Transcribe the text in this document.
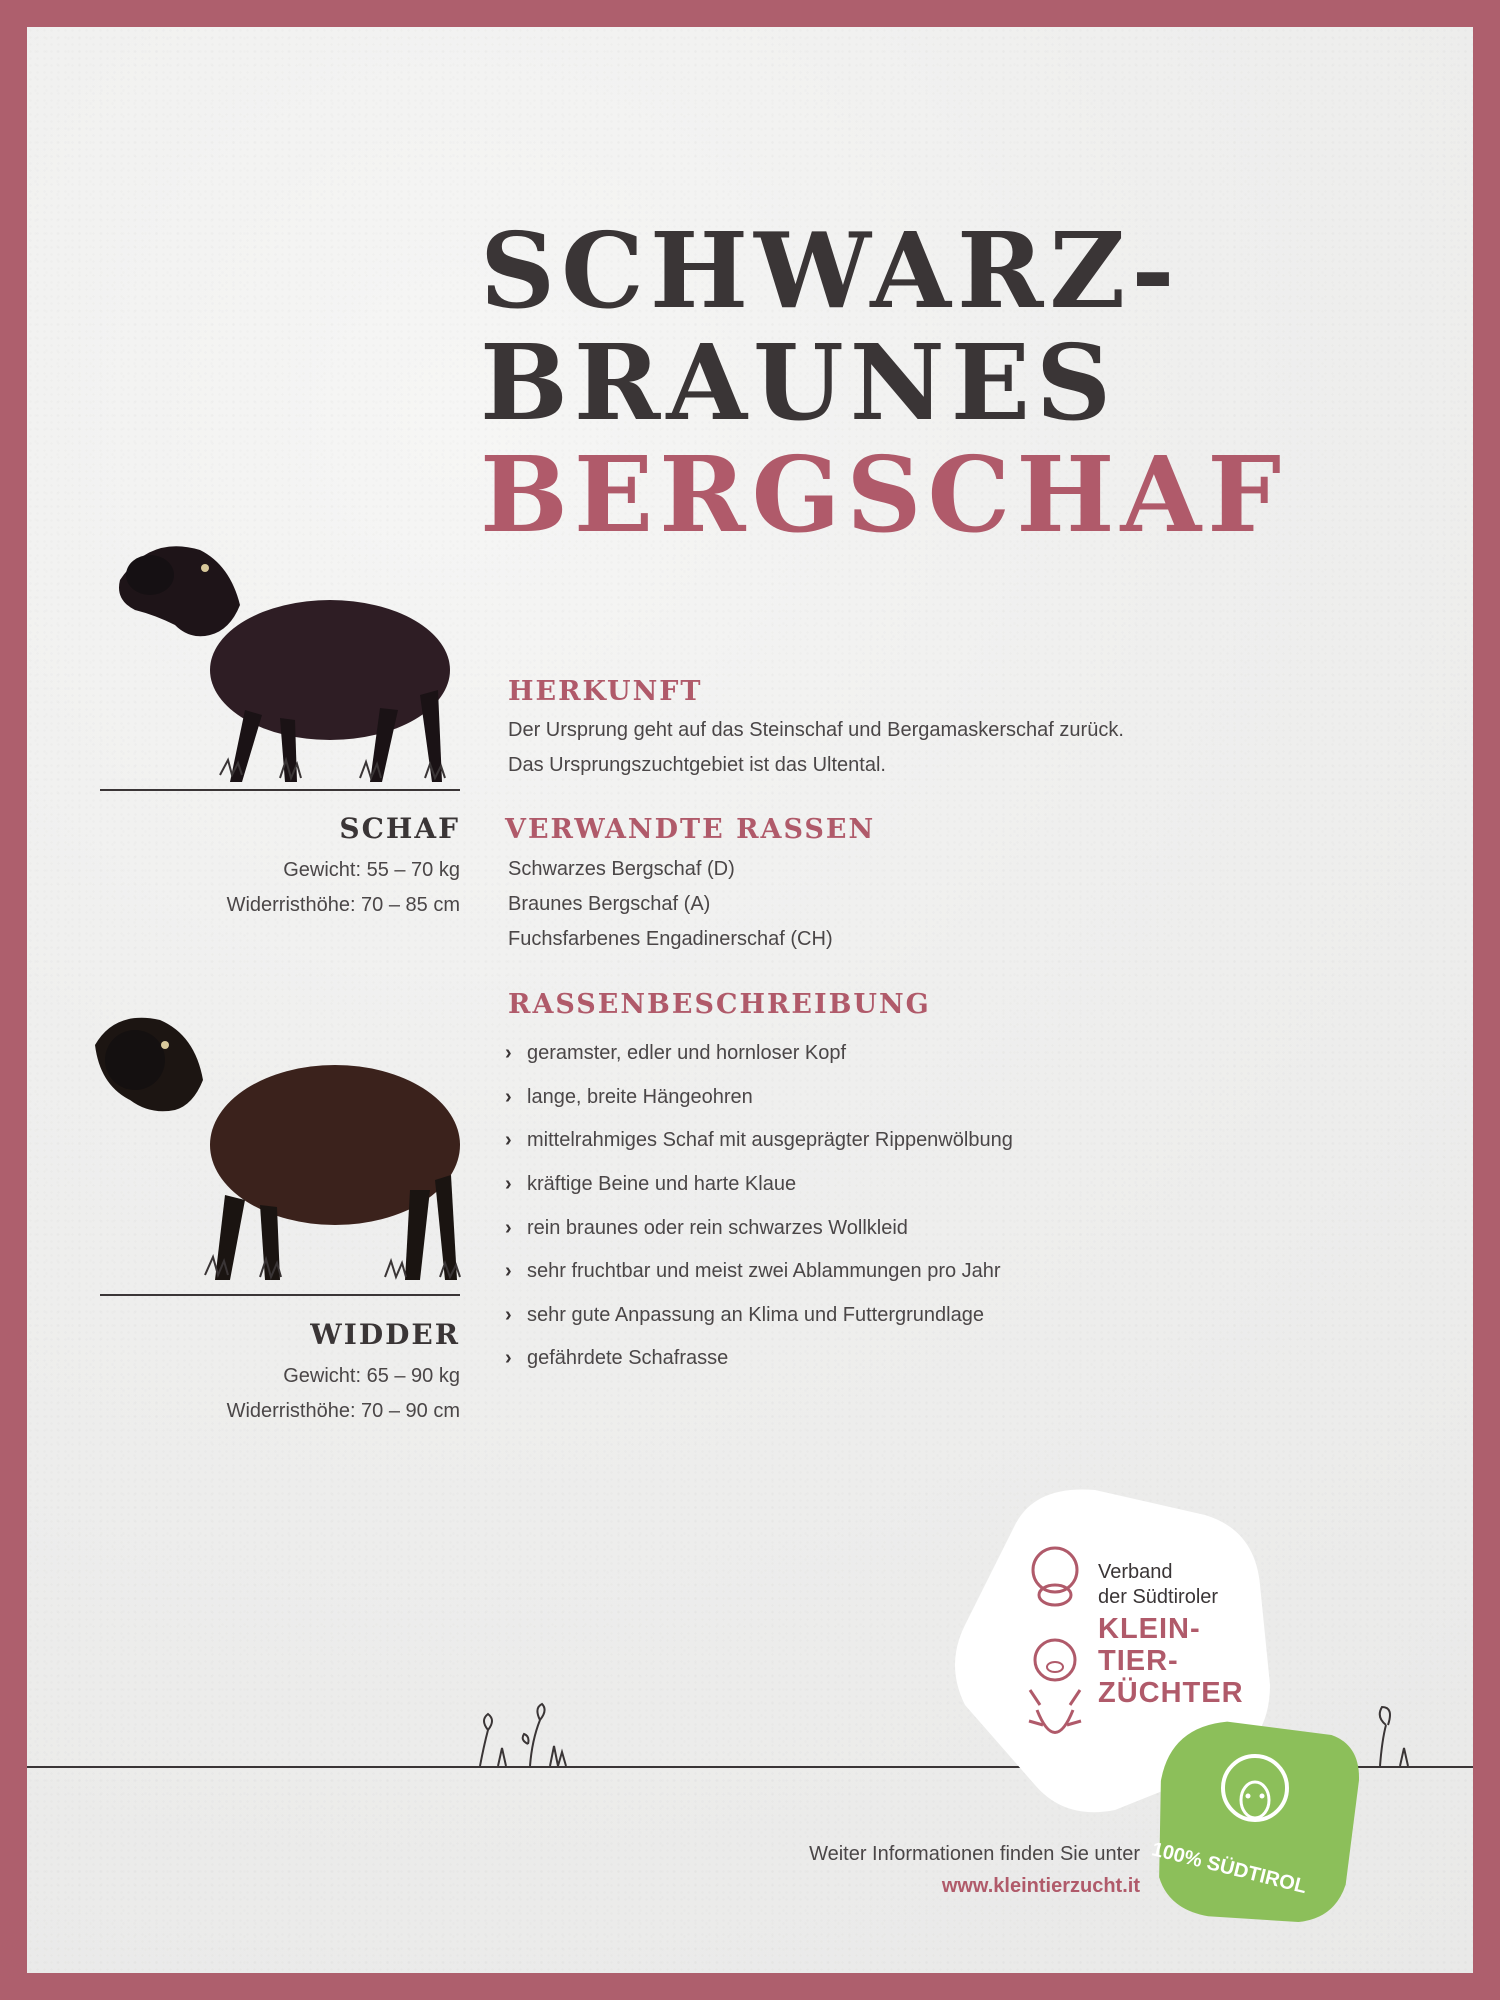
SCHWARZ-
BRAUNES
BERGSCHAF
SCHAF
Gewicht: 55 – 70 kg
Widerristhöhe: 70 – 85 cm
WIDDER
Gewicht: 65 – 90 kg
Widerristhöhe: 70 – 90 cm
HERKUNFT
Der Ursprung geht auf das Steinschaf und Bergamaskerschaf zurück.
Das Ursprungszuchtgebiet ist das Ultental.
VERWANDTE RASSEN
Schwarzes Bergschaf (D)
Braunes Bergschaf (A)
Fuchsfarbenes Engadinerschaf (CH)
RASSENBESCHREIBUNG
› geramster, edler und hornloser Kopf
› lange, breite Hängeohren
› mittelrahmiges Schaf mit ausgeprägter Rippenwölbung
› kräftige Beine und harte Klaue
› rein braunes oder rein schwarzes Wollkleid
› sehr fruchtbar und meist zwei Ablammungen pro Jahr
› sehr gute Anpassung an Klima und Futtergrundlage
› gefährdete Schafrasse
Verband
der Südtiroler
KLEIN-
TIER-
ZÜCHTER
100% SÜDTIROL
Weiter Informationen finden Sie unter
www.kleintierzucht.it
